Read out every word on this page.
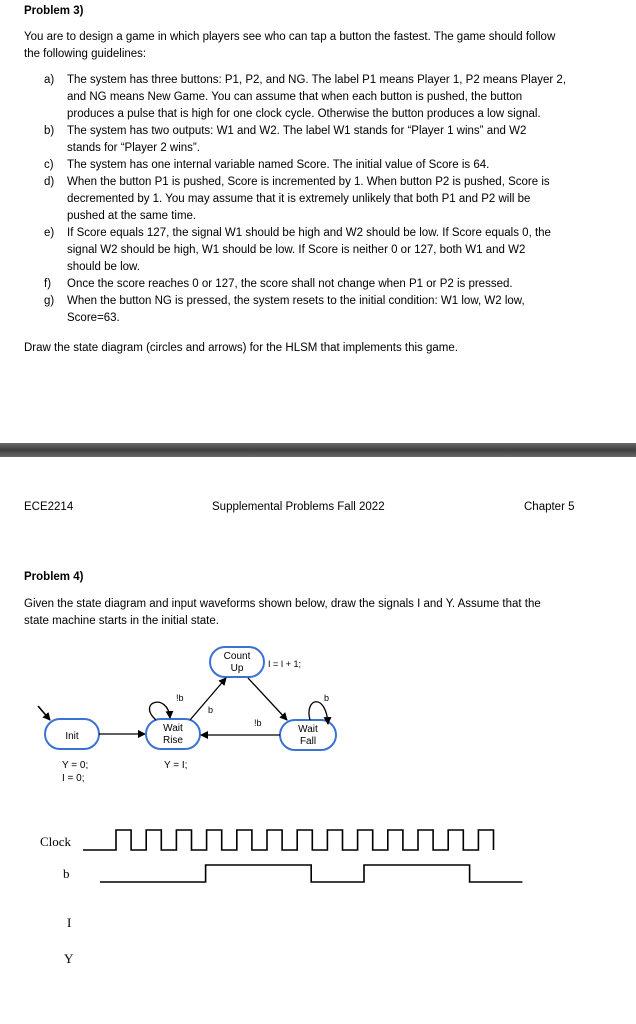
Problem 3)
You are to design a game in which players see who can tap a button the fastest. The game should follow
the following guidelines:
a) The system has three buttons: P1, P2, and NG. The label P1 means Player 1, P2 means Player 2,
and NG means New Game. You can assume that when each button is pushed, the button
produces a pulse that is high for one clock cycle. Otherwise the button produces a low signal.
b) The system has two outputs: W1 and W2. The label W1 stands for “Player 1 wins” and W2
stands for “Player 2 wins”.
c) The system has one internal variable named Score. The initial value of Score is 64.
d) When the button P1 is pushed, Score is incremented by 1. When button P2 is pushed, Score is
decremented by 1. You may assume that it is extremely unlikely that both P1 and P2 will be
pushed at the same time.
e) If Score equals 127, the signal W1 should be high and W2 should be low. If Score equals 0, the
signal W2 should be high, W1 should be low. If Score is neither 0 or 127, both W1 and W2
should be low.
f) Once the score reaches 0 or 127, the score shall not change when P1 or P2 is pressed.
g) When the button NG is pressed, the system resets to the initial condition: W1 low, W2 low,
Score=63.
Draw the state diagram (circles and arrows) for the HLSM that implements this game.
ECE2214	Supplemental Problems Fall 2022	Chapter 5
Problem 4)
Given the state diagram and input waveforms shown below, draw the signals I and Y. Assume that the
state machine starts in the initial state.
Init
Y = 0;
I = 0;
Wait
Rise
Y = I;
!b
Count
Up	I = I + 1;
b
Wait
Fall
b
!b
Clock
b
I
Y
